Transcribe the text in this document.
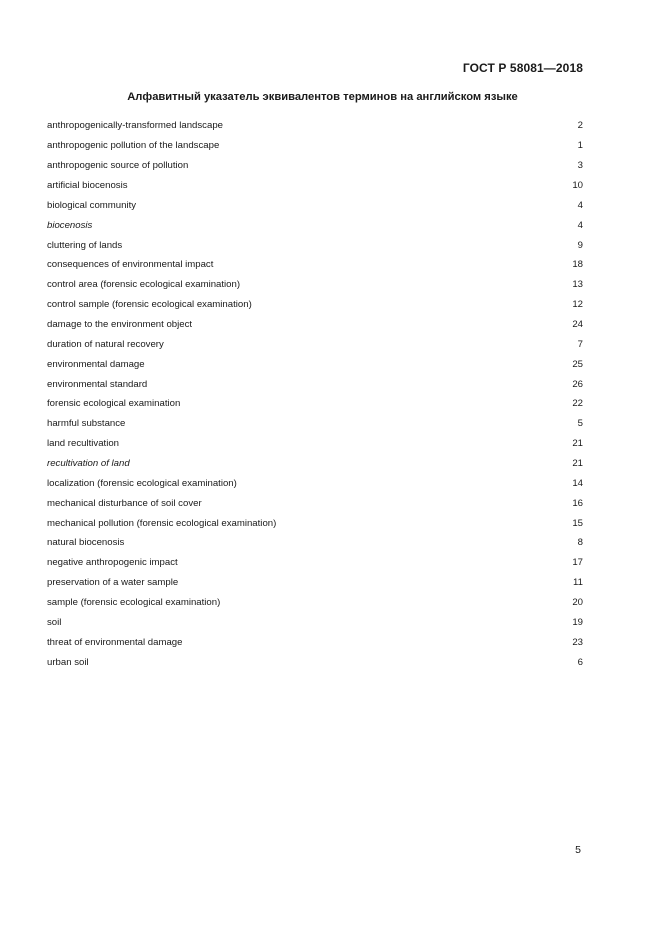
ГОСТ Р 58081—2018
Алфавитный указатель эквивалентов терминов на английском языке
anthropogenically-transformed landscape	2
anthropogenic pollution of the landscape	1
anthropogenic source of pollution	3
artificial biocenosis	10
biological community	4
biocenosis	4
cluttering of lands	9
consequences of environmental impact	18
control area (forensic ecological examination)	13
control sample (forensic ecological examination)	12
damage to the environment object	24
duration of natural recovery	7
environmental damage	25
environmental standard	26
forensic ecological examination	22
harmful substance	5
land recultivation	21
recultivation of land	21
localization (forensic ecological examination)	14
mechanical disturbance of soil cover	16
mechanical pollution (forensic ecological examination)	15
natural biocenosis	8
negative anthropogenic impact	17
preservation of a water sample	11
sample (forensic ecological examination)	20
soil	19
threat of environmental damage	23
urban soil	6
5
